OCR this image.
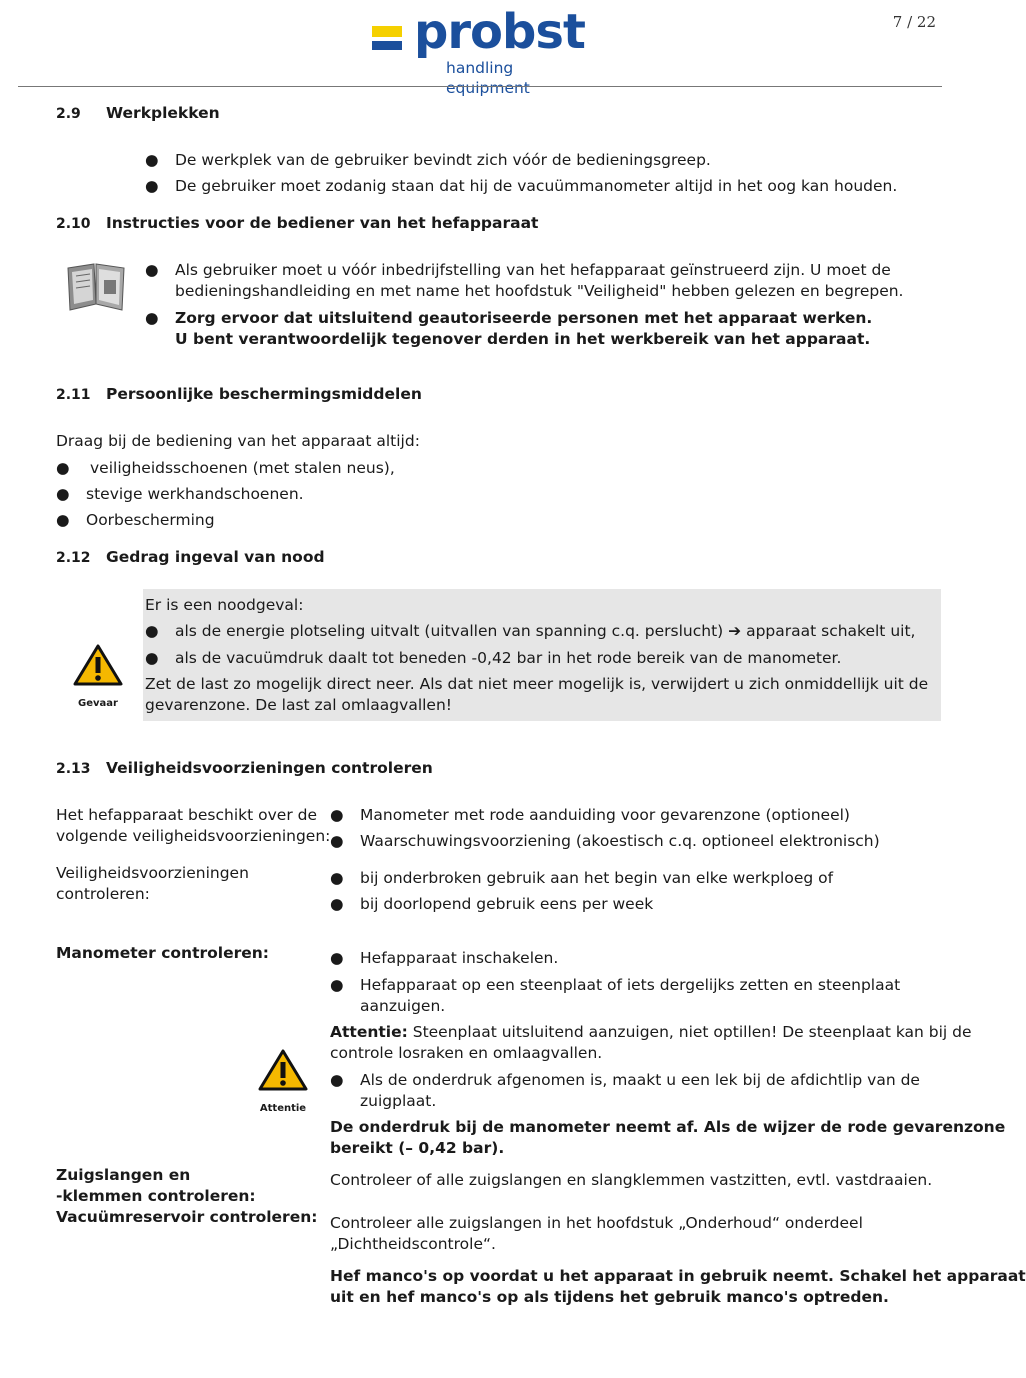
7 / 22
probst
handling equipment
2.9 Werkplekken
● De werkplek van de gebruiker bevindt zich vóór de bedieningsgreep.
● De gebruiker moet zodanig staan dat hij de vacuümmanometer altijd in het oog kan houden.
2.10 Instructies voor de bediener van het hefapparaat
● Als gebruiker moet u vóór inbedrijfstelling van het hefapparaat geïnstrueerd zijn. U moet de
bedieningshandleiding en met name het hoofdstuk "Veiligheid" hebben gelezen en begrepen.
● Zorg ervoor dat uitsluitend geautoriseerde personen met het apparaat werken.
U bent verantwoordelijk tegenover derden in het werkbereik van het apparaat.
2.11 Persoonlijke beschermingsmiddelen
Draag bij de bediening van het apparaat altijd:
● veiligheidsschoenen (met stalen neus),
● stevige werkhandschoenen.
● Oorbescherming
2.12 Gedrag ingeval van nood
Gevaar
Er is een noodgeval:
● als de energie plotseling uitvalt (uitvallen van spanning c.q. perslucht) ➔ apparaat schakelt uit,
● als de vacuümdruk daalt tot beneden -0,42 bar in het rode bereik van de manometer.
Zet de last zo mogelijk direct neer. Als dat niet meer mogelijk is, verwijdert u zich onmiddellijk uit de
gevarenzone. De last zal omlaagvallen!
2.13 Veiligheidsvoorzieningen controleren
Het hefapparaat beschikt over de
volgende veiligheidsvoorzieningen:
● Manometer met rode aanduiding voor gevarenzone (optioneel)
● Waarschuwingsvoorziening (akoestisch c.q. optioneel elektronisch)
Veiligheidsvoorzieningen
controleren:
● bij onderbroken gebruik aan het begin van elke werkploeg of
● bij doorlopend gebruik eens per week
Manometer controleren:	● Hefapparaat inschakelen.
● Hefapparaat op een steenplaat of iets dergelijks zetten en steenplaat
aanzuigen.
Attentie: Steenplaat uitsluitend aanzuigen, niet optillen! De steenplaat kan bij de
controle losraken en omlaagvallen.
Attentie
● Als de onderdruk afgenomen is, maakt u een lek bij de afdichtlip van de
zuigplaat.
De onderdruk bij de manometer neemt af. Als de wijzer de rode gevarenzone
bereikt (– 0,42 bar).
Zuigslangen en
-klemmen controleren:
Vacuümreservoir controleren:
Controleer of alle zuigslangen en slangklemmen vastzitten, evtl. vastdraaien.
Controleer alle zuigslangen in het hoofdstuk „Onderhoud“ onderdeel
„Dichtheidscontrole“.
Hef manco's op voordat u het apparaat in gebruik neemt. Schakel het apparaat
uit en hef manco's op als tijdens het gebruik manco's optreden.
